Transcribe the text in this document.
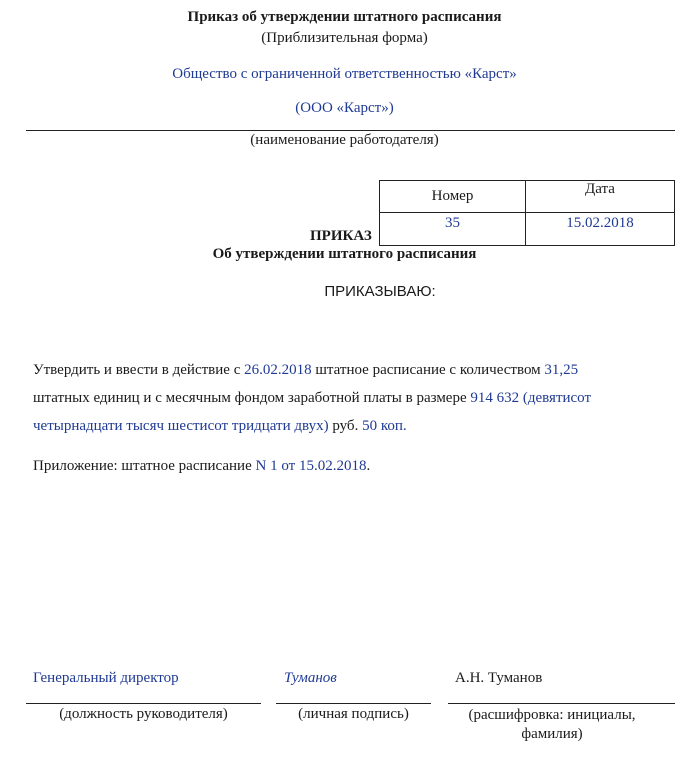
Приказ об утверждении штатного расписания
(Приблизительная форма)
Общество с ограниченной ответственностью «Карст»
(ООО «Карст»)
(наименование работодателя)
Номер	Дата
35	15.02.2018
ПРИКАЗ
Об утверждении штатного расписания
ПРИКАЗЫВАЮ:
Утвердить и ввести в действие с 26.02.2018 штатное расписание с количеством 31,25
штатных единиц и с месячным фондом заработной платы в размере 914 632 (девятисот
четырнадцати тысяч шестисот тридцати двух) руб. 50 коп.
Приложение: штатное расписание N 1 от 15.02.2018.
Генеральный директор	Туманов	А.Н. Туманов
(должность руководителя)	(личная подпись)	(расшифровка: инициалы, фамилия)
